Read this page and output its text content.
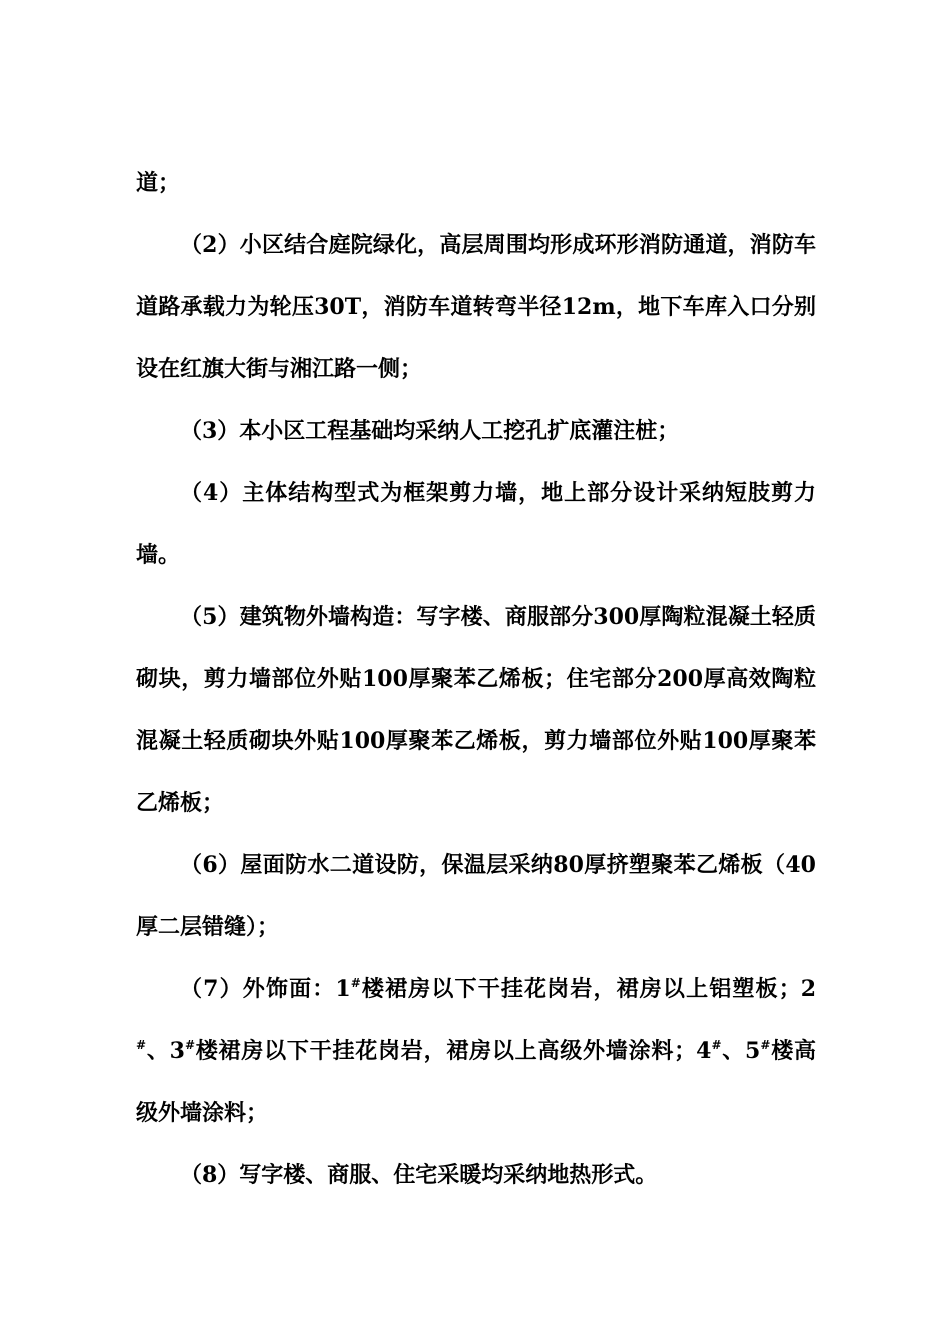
道；

（2）小区结合庭院绿化，高层周围均形成环形消防通道，消防车道路承载力为轮压30T，消防车道转弯半径12m，地下车库入口分别设在红旗大街与湘江路一侧；

（3）本小区工程基础均采纳人工挖孔扩底灌注桩；

（4）主体结构型式为框架剪力墙，地上部分设计采纳短肢剪力墙。

（5）建筑物外墙构造：写字楼、商服部分300厚陶粒混凝土轻质砌块，剪力墙部位外贴100厚聚苯乙烯板；住宅部分200厚高效陶粒混凝土轻质砌块外贴100厚聚苯乙烯板，剪力墙部位外贴100厚聚苯乙烯板；

（6）屋面防水二道设防，保温层采纳80厚挤塑聚苯乙烯板（40厚二层错缝）；

（7）外饰面：1#楼裙房以下干挂花岗岩，裙房以上铝塑板；2#、3#楼裙房以下干挂花岗岩，裙房以上高级外墙涂料；4#、5#楼高级外墙涂料；

（8）写字楼、商服、住宅采暖均采纳地热形式。
